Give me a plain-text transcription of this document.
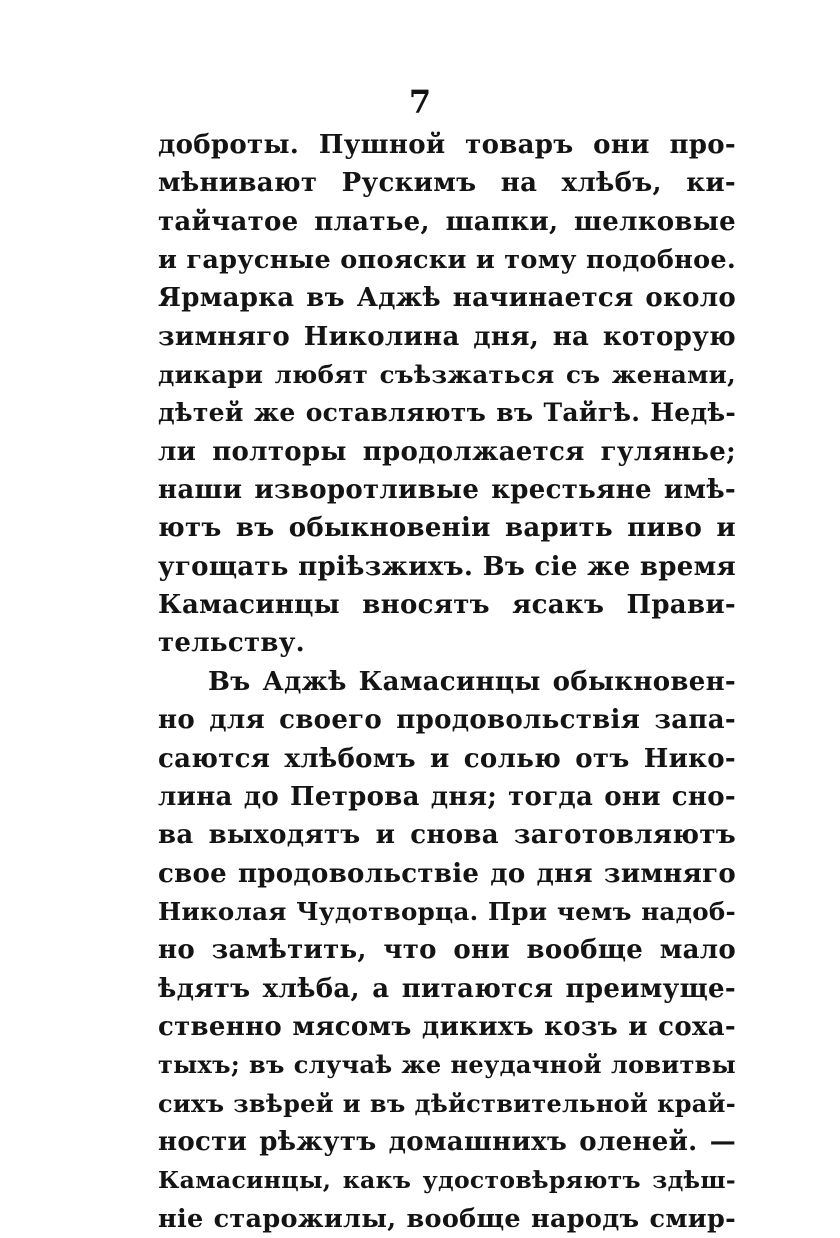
7
доброты. Пушной товаръ они про-
мѣнивают Рускимъ на хлѣбъ, ки-
тайчатое платье, шапки, шелковые
и гарусные опояски и тому подобное.
Ярмарка въ Аджѣ начинается около
зимняго Николина дня, на которую
дикари любят съѣзжаться съ женами,
дѣтей же оставляютъ въ Тайгѣ. Недѣ-
ли полторы продолжается гулянье;
наши изворотливые крестьяне имѣ-
ютъ въ обыкновенiи варить пиво и
угощать прiѣзжихъ. Въ сiе же время
Камасинцы вносятъ ясакъ Прави-
тельству.
Въ Аджѣ Камасинцы обыкновен-
но для своего продовольствiя запа-
саются хлѣбомъ и солью отъ Нико-
лина до Петрова дня; тогда они сно-
ва выходятъ и снова заготовляютъ
свое продовольствiе до дня зимняго
Николая Чудотворца. При чемъ надоб-
но замѣтить, что они вообще мало
ѣдятъ хлѣба, а питаются преимуще-
ственно мясомъ дикихъ козъ и соха-
тыхъ; въ случаѣ же неудачной ловитвы
сихъ звѣрей и въ дѣйствительной край-
ности рѣжутъ домашнихъ оленей. —
Камасинцы, какъ удостовѣряютъ здѣш-
нiе старожилы, вообще народъ смир-
